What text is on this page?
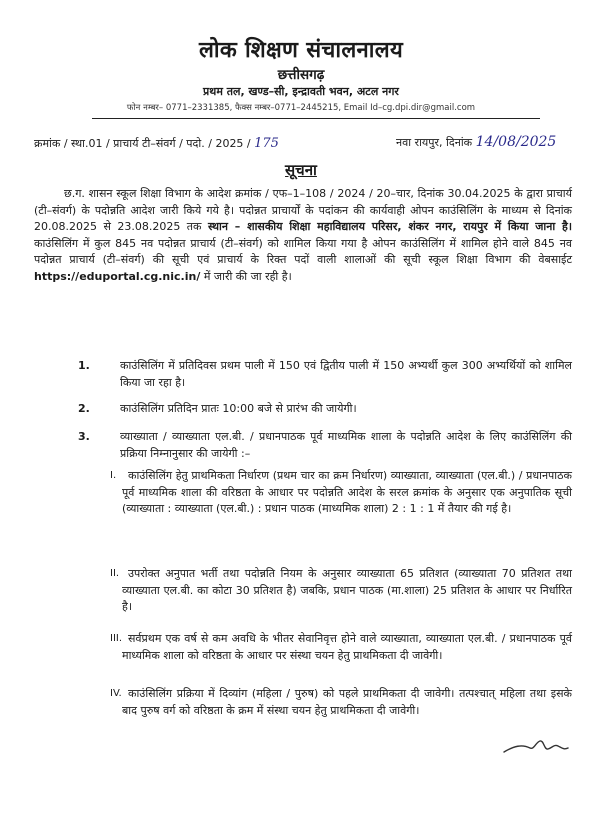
लोक शिक्षण संचालनालय
छत्तीसगढ़
प्रथम तल, खण्ड–सी, इन्द्रावती भवन, अटल नगर
फोन नम्बर– 0771–2331385, फैक्स नम्बर–0771–2445215, Email Id–cg.dpi.dir@gmail.com
क्रमांक / स्था.01 / प्राचार्य टी–संवर्ग / पदो. / 2025 / 175	नवा रायपुर, दिनांक 14/08/2025
सूचना
छ.ग. शासन स्कूल शिक्षा विभाग के आदेश क्रमांक / एफ–1–108 / 2024 / 20–चार, दिनांक 30.04.2025 के द्वारा प्राचार्य (टी–संवर्ग) के पदोन्नति आदेश जारी किये गये है। पदोन्नत प्राचार्यों के पदांकन की कार्यवाही ओपन काउंसिलिंग के माध्यम से दिनांक 20.08.2025 से 23.08.2025 तक स्थान – शासकीय शिक्षा महाविद्यालय परिसर, शंकर नगर, रायपुर में किया जाना है। काउंसिलिंग में कुल 845 नव पदोन्नत प्राचार्य (टी–संवर्ग) को शामिल किया गया है ओपन काउंसिलिंग में शामिल होने वाले 845 नव पदोन्नत प्राचार्य (टी–संवर्ग) की सूची एवं प्राचार्य के रिक्त पदों वाली शालाओं की सूची स्कूल शिक्षा विभाग की वेबसाईट https://eduportal.cg.nic.in/ में जारी की जा रही है।
1.	काउंसिलिंग में प्रतिदिवस प्रथम पाली में 150 एवं द्वितीय पाली में 150 अभ्यर्थी कुल 300 अभ्यर्थियों को शामिल किया जा रहा है।
2.	काउंसिलिंग प्रतिदिन प्रातः 10:00 बजे से प्रारंभ की जायेगी।
3.	व्याख्याता / व्याख्याता एल.बी. / प्रधानपाठक पूर्व माध्यमिक शाला के पदोन्नति आदेश के लिए काउंसिलिंग की प्रक्रिया निम्नानुसार की जायेगी :–
I.	काउंसिलिंग हेतु प्राथमिकता निर्धारण (प्रथम चार का क्रम निर्धारण) व्याख्याता, व्याख्याता (एल.बी.) / प्रधानपाठक पूर्व माध्यमिक शाला की वरिष्ठता के आधार पर पदोन्नति आदेश के सरल क्रमांक के अनुसार एक अनुपातिक सूची (व्याख्याता : व्याख्याता (एल.बी.) : प्रधान पाठक (माध्यमिक शाला) 2 : 1 : 1 में तैयार की गई है।
II. उपरोक्त अनुपात भर्ती तथा पदोन्नति नियम के अनुसार व्याख्याता 65 प्रतिशत (व्याख्याता 70 प्रतिशत तथा व्याख्याता एल.बी. का कोटा 30 प्रतिशत है) जबकि, प्रधान पाठक (मा.शाला) 25 प्रतिशत के आधार पर निर्धारित है।
III. सर्वप्रथम एक वर्ष से कम अवधि के भीतर सेवानिवृत्त होने वाले व्याख्याता, व्याख्याता एल.बी. / प्रधानपाठक पूर्व माध्यमिक शाला को वरिष्ठता के आधार पर संस्था चयन हेतु प्राथमिकता दी जावेगी।
IV. काउंसिलिंग प्रक्रिया में दिव्यांग (महिला / पुरुष) को पहले प्राथमिकता दी जावेगी। तत्पश्चात् महिला तथा इसके बाद पुरुष वर्ग को वरिष्ठता के क्रम में संस्था चयन हेतु प्राथमिकता दी जावेगी।
